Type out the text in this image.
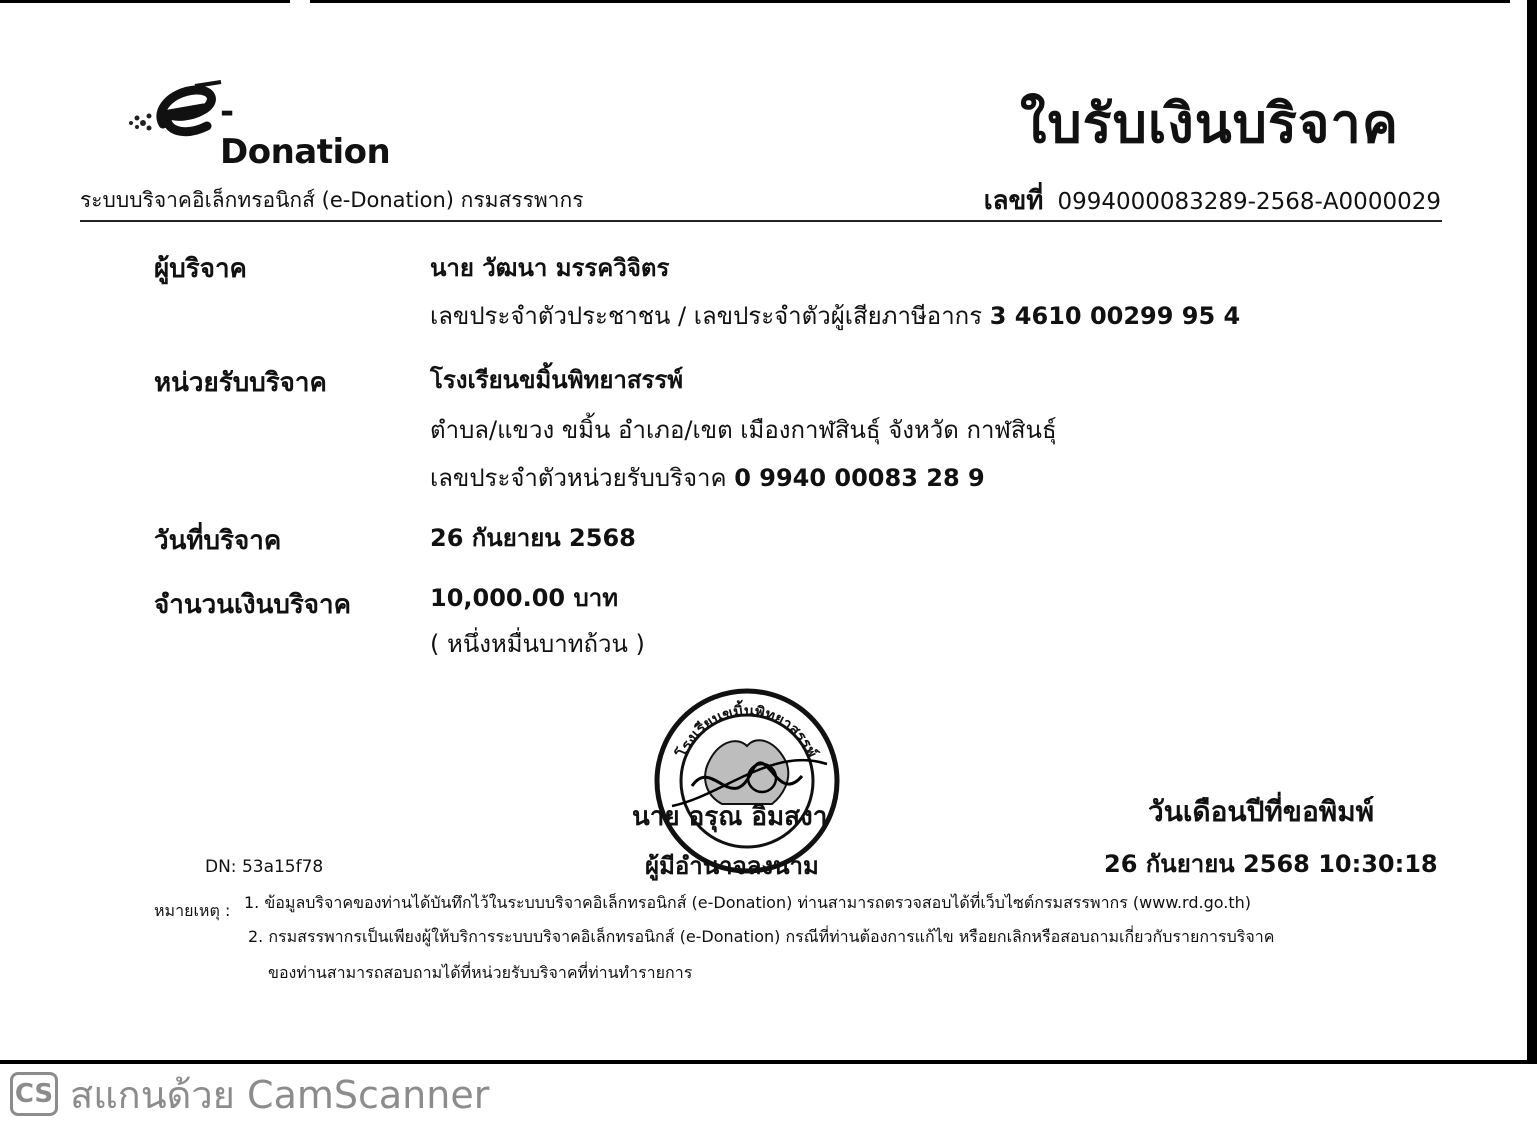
-Donation	ใบรับเงินบริจาค
ระบบบริจาคอิเล็กทรอนิกส์ (e-Donation) กรมสรรพากร	เลขที่ 0994000083289-2568-A0000029
ผู้บริจาค	นาย วัฒนา มรรควิจิตร
เลขประจำตัวประชาชน / เลขประจำตัวผู้เสียภาษีอากร 3 4610 00299 95 4
หน่วยรับบริจาค	โรงเรียนขมิ้นพิทยาสรรพ์
ตำบล/แขวง ขมิ้น อำเภอ/เขต เมืองกาฬสินธุ์ จังหวัด กาฬสินธุ์
เลขประจำตัวหน่วยรับบริจาค 0 9940 00083 28 9
วันที่บริจาค	26 กันยายน 2568
จำนวนเงินบริจาค	10,000.00 บาท
( หนึ่งหมื่นบาทถ้วน )
โรงเรียนขมิ้นพิทยาสรรพ์
นาย อรุณ อิมสงา
ผู้มีอำนาจลงนาม
วันเดือนปีที่ขอพิมพ์
26 กันยายน 2568 10:30:18
DN: 53a15f78
หมายเหตุ : 1. ข้อมูลบริจาคของท่านได้บันทึกไว้ในระบบบริจาคอิเล็กทรอนิกส์ (e-Donation) ท่านสามารถตรวจสอบได้ที่เว็บไซต์กรมสรรพากร (www.rd.go.th)
2. กรมสรรพากรเป็นเพียงผู้ให้บริการระบบบริจาคอิเล็กทรอนิกส์ (e-Donation) กรณีที่ท่านต้องการแก้ไข หรือยกเลิกหรือสอบถามเกี่ยวกับรายการบริจาค
ของท่านสามารถสอบถามได้ที่หน่วยรับบริจาคที่ท่านทำรายการ
CS สแกนด้วย CamScanner
